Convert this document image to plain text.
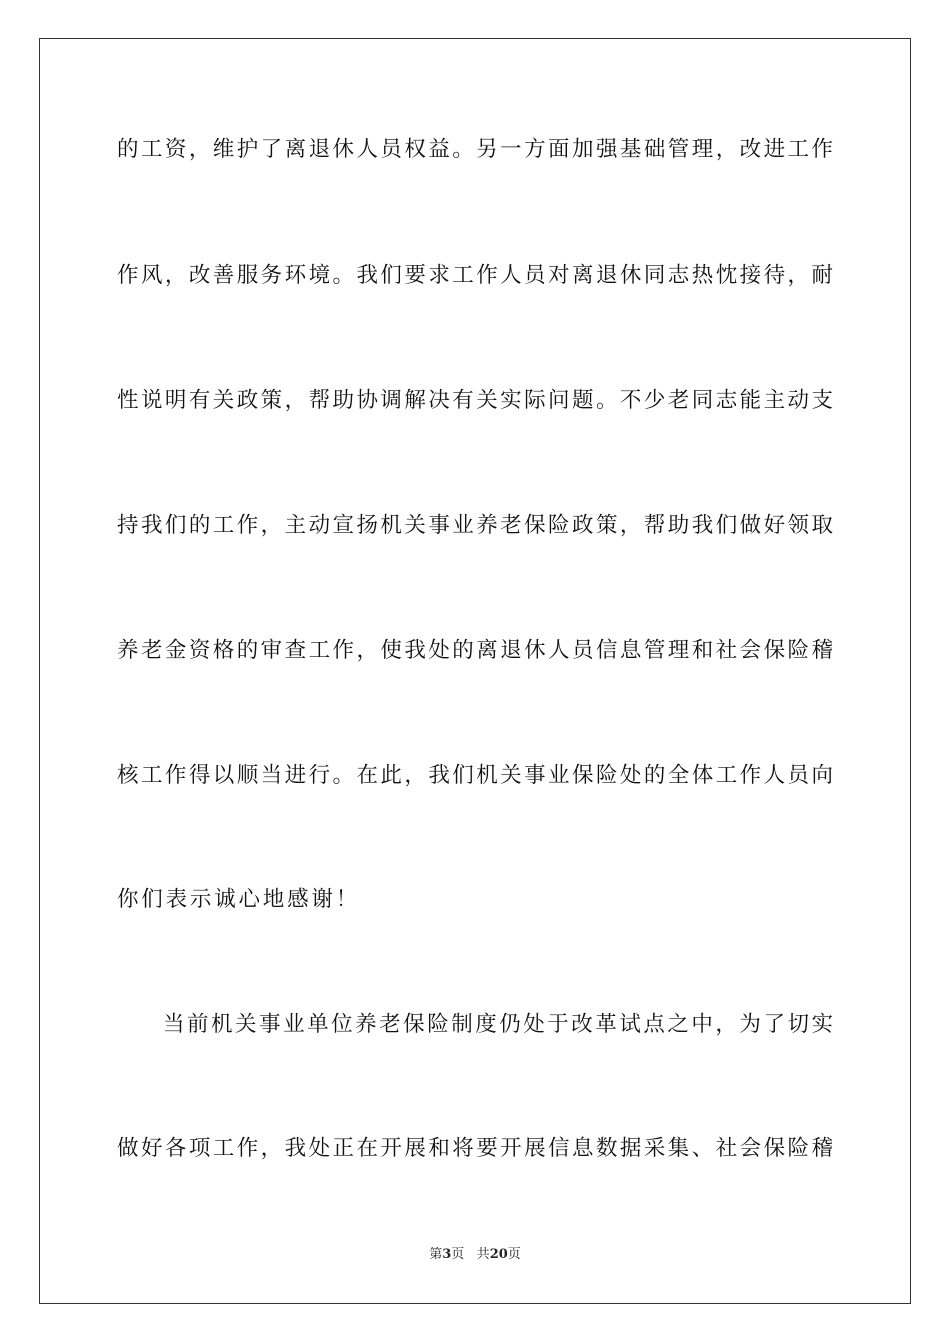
的工资，维护了离退休人员权益。另一方面加强基础管理，改进工作
作风，改善服务环境。我们要求工作人员对离退休同志热忱接待，耐
性说明有关政策，帮助协调解决有关实际问题。不少老同志能主动支
持我们的工作，主动宣扬机关事业养老保险政策，帮助我们做好领取
养老金资格的审查工作，使我处的离退休人员信息管理和社会保险稽
核工作得以顺当进行。在此，我们机关事业保险处的全体工作人员向
你们表示诚心地感谢！
当前机关事业单位养老保险制度仍处于改革试点之中，为了切实
做好各项工作，我处正在开展和将要开展信息数据采集、社会保险稽
第3页 共20页
